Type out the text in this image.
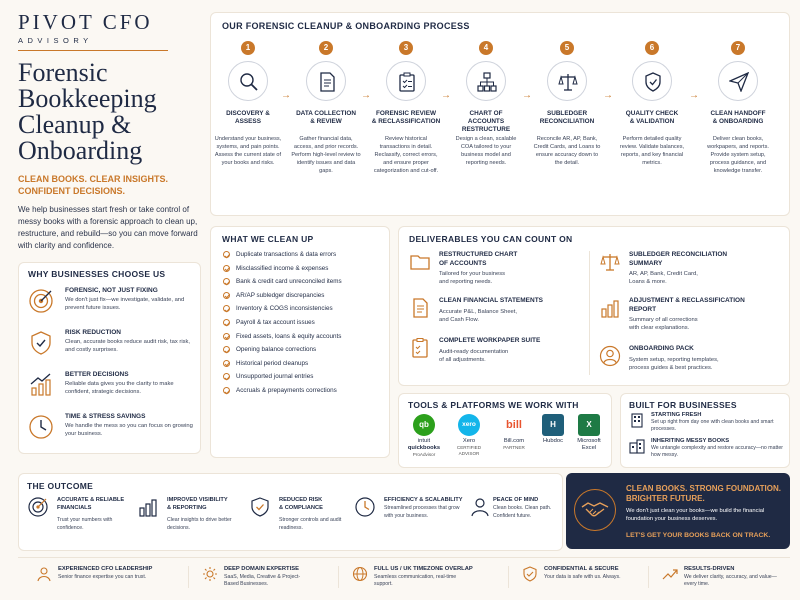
PIVOT CFO
ADVISORY
Forensic
Bookkeeping
Cleanup &
Onboarding
CLEAN BOOKS. CLEAR INSIGHTS.
CONFIDENT DECISIONS.
We help businesses start fresh or take control of messy books with a forensic approach to clean up, restructure, and rebuild—so you can move forward with clarity and confidence.
WHY BUSINESSES CHOOSE US
FORENSIC, NOT JUST FIXING
We don't just fix—we investigate, validate, and prevent future issues.
RISK REDUCTION
Clean, accurate books reduce audit risk, tax risk, and costly surprises.
BETTER DECISIONS
Reliable data gives you the clarity to make confident, strategic decisions.
TIME & STRESS SAVINGS
We handle the mess so you can focus on growing your business.
OUR FORENSIC CLEANUP & ONBOARDING PROCESS
1
DISCOVERY &
ASSESS
Understand your business, systems, and pain points. Assess the current state of your books and risks.
→
2
DATA COLLECTION
& REVIEW
Gather financial data, access, and prior records. Perform high-level review to identify issues and data gaps.
→
3
FORENSIC REVIEW
& RECLASSIFICATION
Review historical transactions in detail. Reclassify, correct errors, and ensure proper categorization and cut-off.
→
4
CHART OF ACCOUNTS
RESTRUCTURE
Design a clean, scalable COA tailored to your business model and reporting needs.
→
5
SUBLEDGER
RECONCILIATION
Reconcile AR, AP, Bank, Credit Cards, and Loans to ensure accuracy down to the detail.
→
6
QUALITY CHECK
& VALIDATION
Perform detailed quality review. Validate balances, reports, and key financial metrics.
→
7
CLEAN HANDOFF
& ONBOARDING
Deliver clean books, workpapers, and reports. Provide system setup, process guidance, and knowledge transfer.
WHAT WE CLEAN UP
Duplicate transactions & data errors
Misclassified income & expenses
Bank & credit card unreconciled items
AR/AP subledger discrepancies
Inventory & COGS inconsistencies
Payroll & tax account issues
Fixed assets, loans & equity accounts
Opening balance corrections
Historical period cleanups
Unsupported journal entries
Accruals & prepayments corrections
DELIVERABLES YOU CAN COUNT ON
RESTRUCTURED CHART
OF ACCOUNTS
Tailored for your business
and reporting needs.
CLEAN FINANCIAL STATEMENTS
Accurate P&L, Balance Sheet,
and Cash Flow.
COMPLETE WORKPAPER SUITE
Audit-ready documentation
of all adjustments.
SUBLEDGER RECONCILIATION
SUMMARY
AR, AP, Bank, Credit Card,
Loans & more.
ADJUSTMENT & RECLASSIFICATION
REPORT
Summary of all corrections
with clear explanations.
ONBOARDING PACK
System setup, reporting templates,
process guides & best practices.
TOOLS & PLATFORMS WE WORK WITH
qb
intuit
quickbooks
ProAdvisor
xero
Xero
CERTIFIED ADVISOR
bill
Bill.com
PARTNER
H
Hubdoc
X
Microsoft
Excel
BUILT FOR BUSINESSES
STARTING FRESH
Set up right from day one with clean books and smart processes.
INHERITING MESSY BOOKS
We untangle complexity and restore accuracy—no matter how messy.
THE OUTCOME
ACCURATE & RELIABLE
FINANCIALS
Trust your numbers with confidence.
IMPROVED VISIBILITY
& REPORTING
Clear insights to drive better decisions.
REDUCED RISK
& COMPLIANCE
Stronger controls and audit readiness.
EFFICIENCY & SCALABILITY
Streamlined processes that grow with your business.
PEACE OF MIND
Clean books. Clean path. Confident future.
CLEAN BOOKS. STRONG FOUNDATION.
BRIGHTER FUTURE.
We don't just clean your books—we build the financial foundation your business deserves.
LET'S GET YOUR BOOKS BACK ON TRACK.
EXPERIENCED CFO LEADERSHIP
Senior finance expertise you can trust.
DEEP DOMAIN EXPERTISE
SaaS, Media, Creative & Project-Based Businesses.
FULL US / UK TIMEZONE OVERLAP
Seamless communication, real-time support.
CONFIDENTIAL & SECURE
Your data is safe with us. Always.
RESULTS-DRIVEN
We deliver clarity, accuracy, and value—every time.
